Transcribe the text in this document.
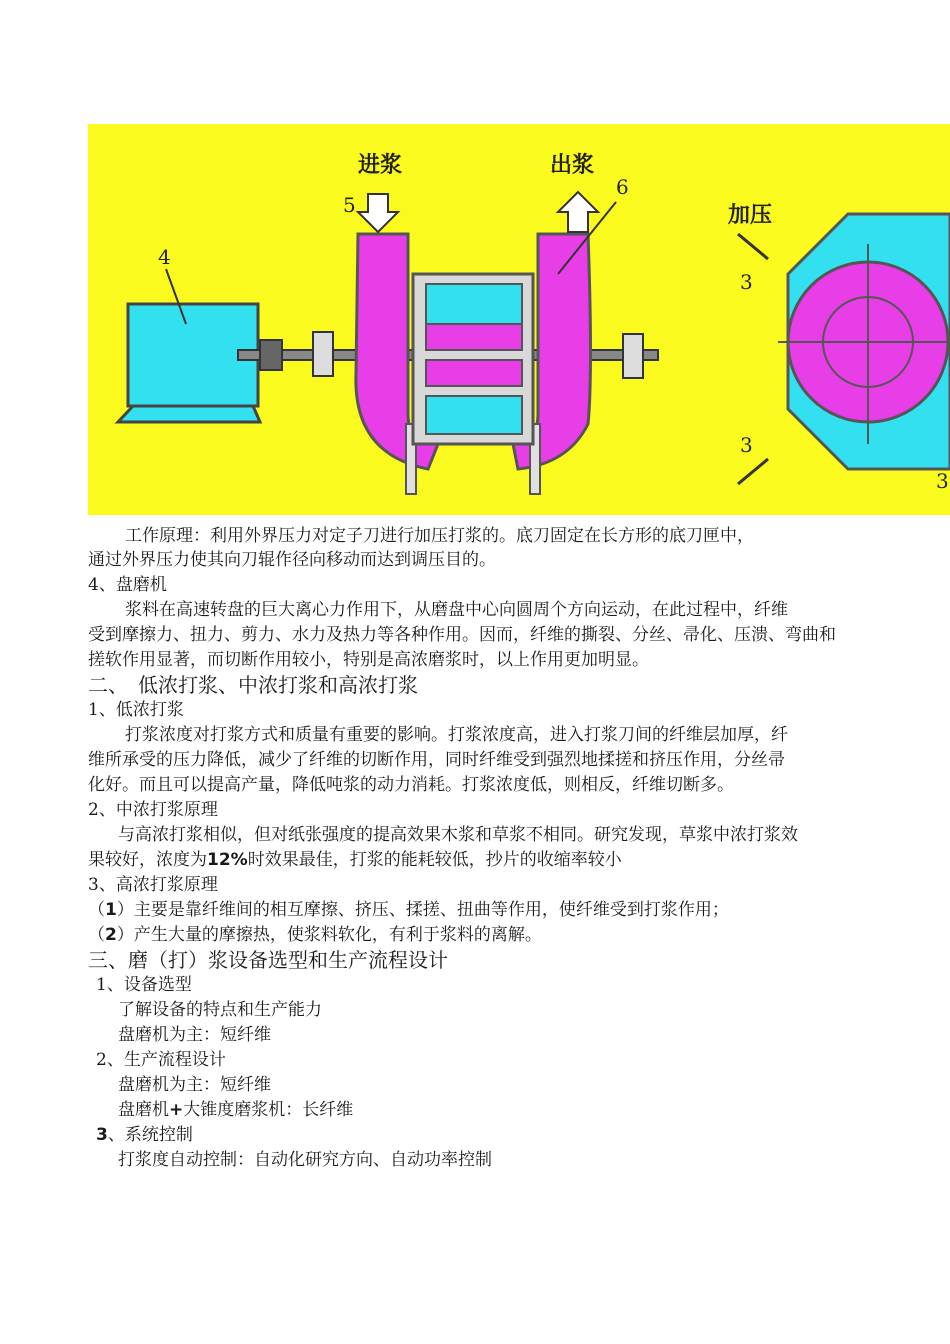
进浆	出浆
5
6
4
加压
3
3
3
工作原理：利用外界压力对定子刀进行加压打浆的。底刀固定在长方形的底刀匣中，
通过外界压力使其向刀辊作径向移动而达到调压目的。
4、盘磨机
浆料在高速转盘的巨大离心力作用下，从磨盘中心向圆周个方向运动，在此过程中，纤维
受到摩擦力、扭力、剪力、水力及热力等各种作用。因而，纤维的撕裂、分丝、帚化、压溃、弯曲和
搓软作用显著，而切断作用较小，特别是高浓磨浆时，以上作用更加明显。
二、　低浓打浆、中浓打浆和高浓打浆
1、低浓打浆
打浆浓度对打浆方式和质量有重要的影响。打浆浓度高，进入打浆刀间的纤维层加厚，纤
维所承受的压力降低，减少了纤维的切断作用，同时纤维受到强烈地揉搓和挤压作用，分丝帚
化好。而且可以提高产量，降低吨浆的动力消耗。打浆浓度低，则相反，纤维切断多。
2、中浓打浆原理
与高浓打浆相似，但对纸张强度的提高效果木浆和草浆不相同。研究发现，草浆中浓打浆效
果较好，浓度为12%时效果最佳，打浆的能耗较低，抄片的收缩率较小
3、高浓打浆原理
（1）主要是靠纤维间的相互摩擦、挤压、揉搓、扭曲等作用，使纤维受到打浆作用；
（2）产生大量的摩擦热，使浆料软化，有利于浆料的离解。
三、磨（打）浆设备选型和生产流程设计
1、设备选型
了解设备的特点和生产能力
盘磨机为主：短纤维
2、生产流程设计
盘磨机为主：短纤维
盘磨机+大锥度磨浆机：长纤维
3、系统控制
打浆度自动控制：自动化研究方向、自动功率控制
